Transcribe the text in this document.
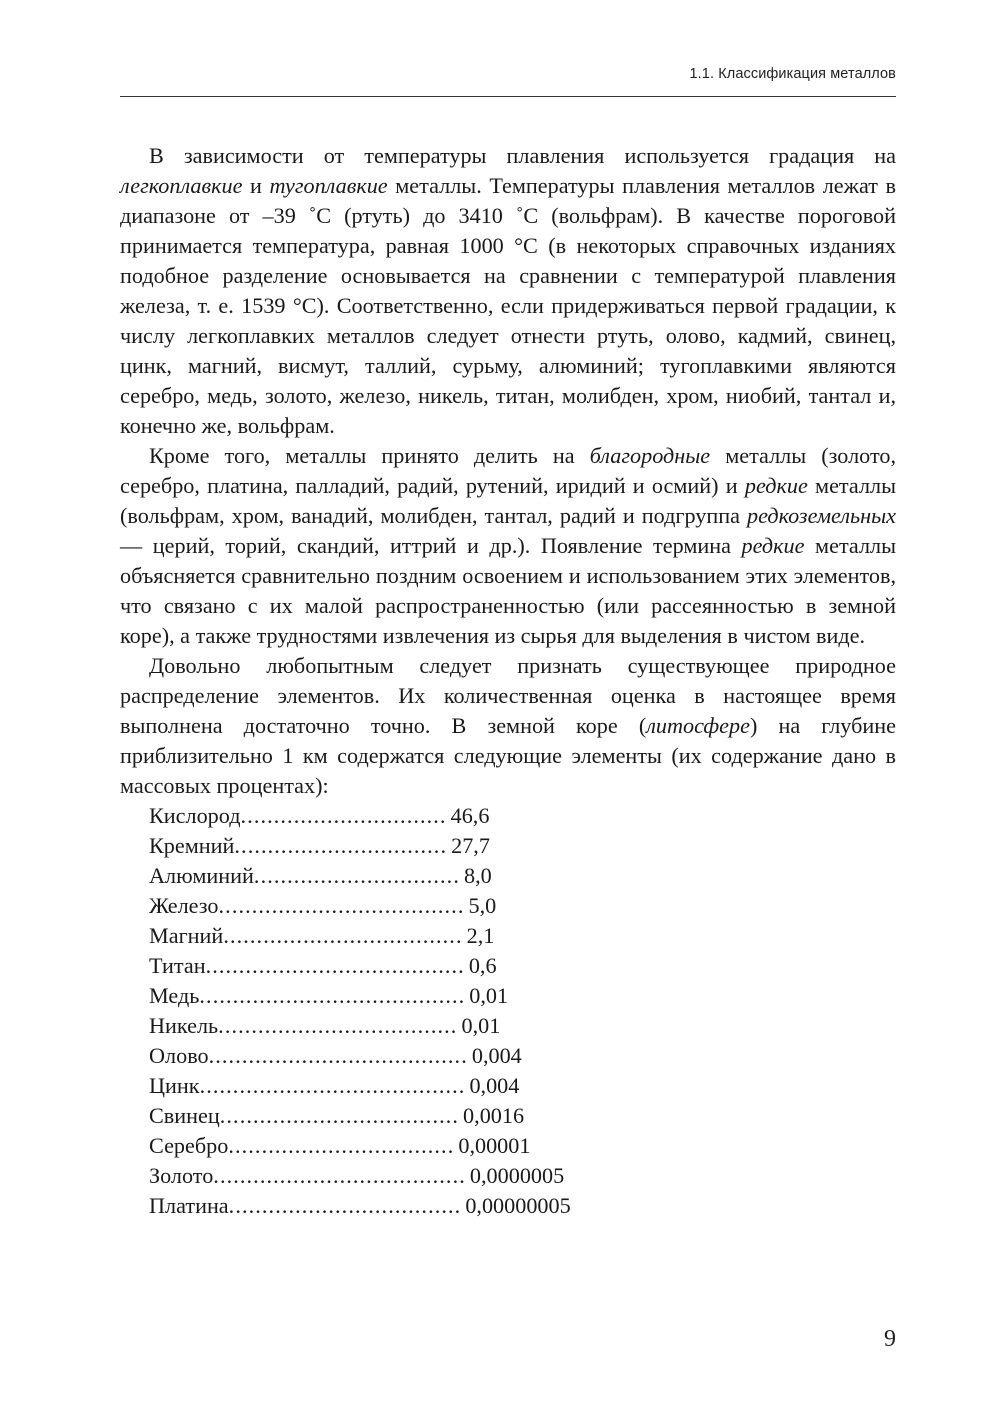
1.1. Классификация металлов

В зависимости от температуры плавления используется градация на легкоплавкие и тугоплавкие металлы. Температуры плавления металлов лежат в диапазоне от –39 ˚С (ртуть) до 3410 ˚С (вольфрам). В качестве пороговой принимается температура, равная 1000 °С (в некоторых справочных изданиях подобное разделение основывается на сравнении с температурой плавления железа, т. е. 1539 °С). Соответственно, если придерживаться первой градации, к числу легкоплавких металлов следует отнести ртуть, олово, кадмий, свинец, цинк, магний, висмут, таллий, сурьму, алюминий; тугоплавкими являются серебро, медь, золото, железо, никель, титан, молибден, хром, ниобий, тантал и, конечно же, вольфрам.

Кроме того, металлы принято делить на благородные металлы (золото, серебро, платина, палладий, радий, рутений, иридий и осмий) и редкие металлы (вольфрам, хром, ванадий, молибден, тантал, радий и подгруппа редкоземельных — церий, торий, скандий, иттрий и др.). Появление термина редкие металлы объясняется сравнительно поздним освоением и использованием этих элементов, что связано с их малой распространенностью (или рассеянностью в земной коре), а также трудностями извлечения из сырья для выделения в чистом виде.

Довольно любопытным следует признать существующее природное распределение элементов. Их количественная оценка в настоящее время выполнена достаточно точно. В земной коре (литосфере) на глубине приблизительно 1 км содержатся следующие элементы (их содержание дано в массовых процентах):

Кислород ............................... 46,6
Кремний ................................ 27,7
Алюминий ............................... 8,0
Железо ..................................... 5,0
Магний .................................... 2,1
Титан ....................................... 0,6
Медь ........................................ 0,01
Никель .................................... 0,01
Олово ....................................... 0,004
Цинк ........................................ 0,004
Свинец .................................... 0,0016
Серебро .................................. 0,00001
Золото ...................................... 0,0000005
Платина ................................... 0,00000005
9
